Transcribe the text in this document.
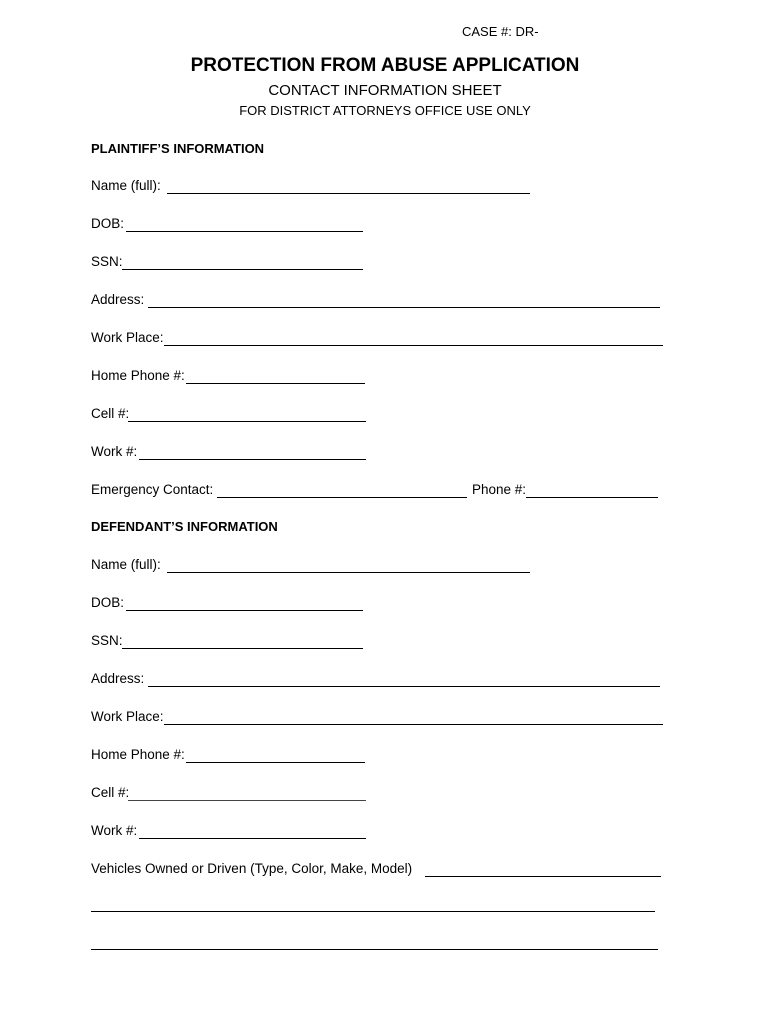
CASE #: DR-
PROTECTION FROM ABUSE APPLICATION
CONTACT INFORMATION SHEET
FOR DISTRICT ATTORNEYS OFFICE USE ONLY
PLAINTIFF’S INFORMATION
Name (full):
DOB:
SSN:
Address:
Work Place:
Home Phone #:
Cell #:
Work #:
Emergency Contact:	Phone #:
DEFENDANT’S INFORMATION
Name (full):
DOB:
SSN:
Address:
Work Place:
Home Phone #:
Cell #:
Work #:
Vehicles Owned or Driven (Type, Color, Make, Model)
